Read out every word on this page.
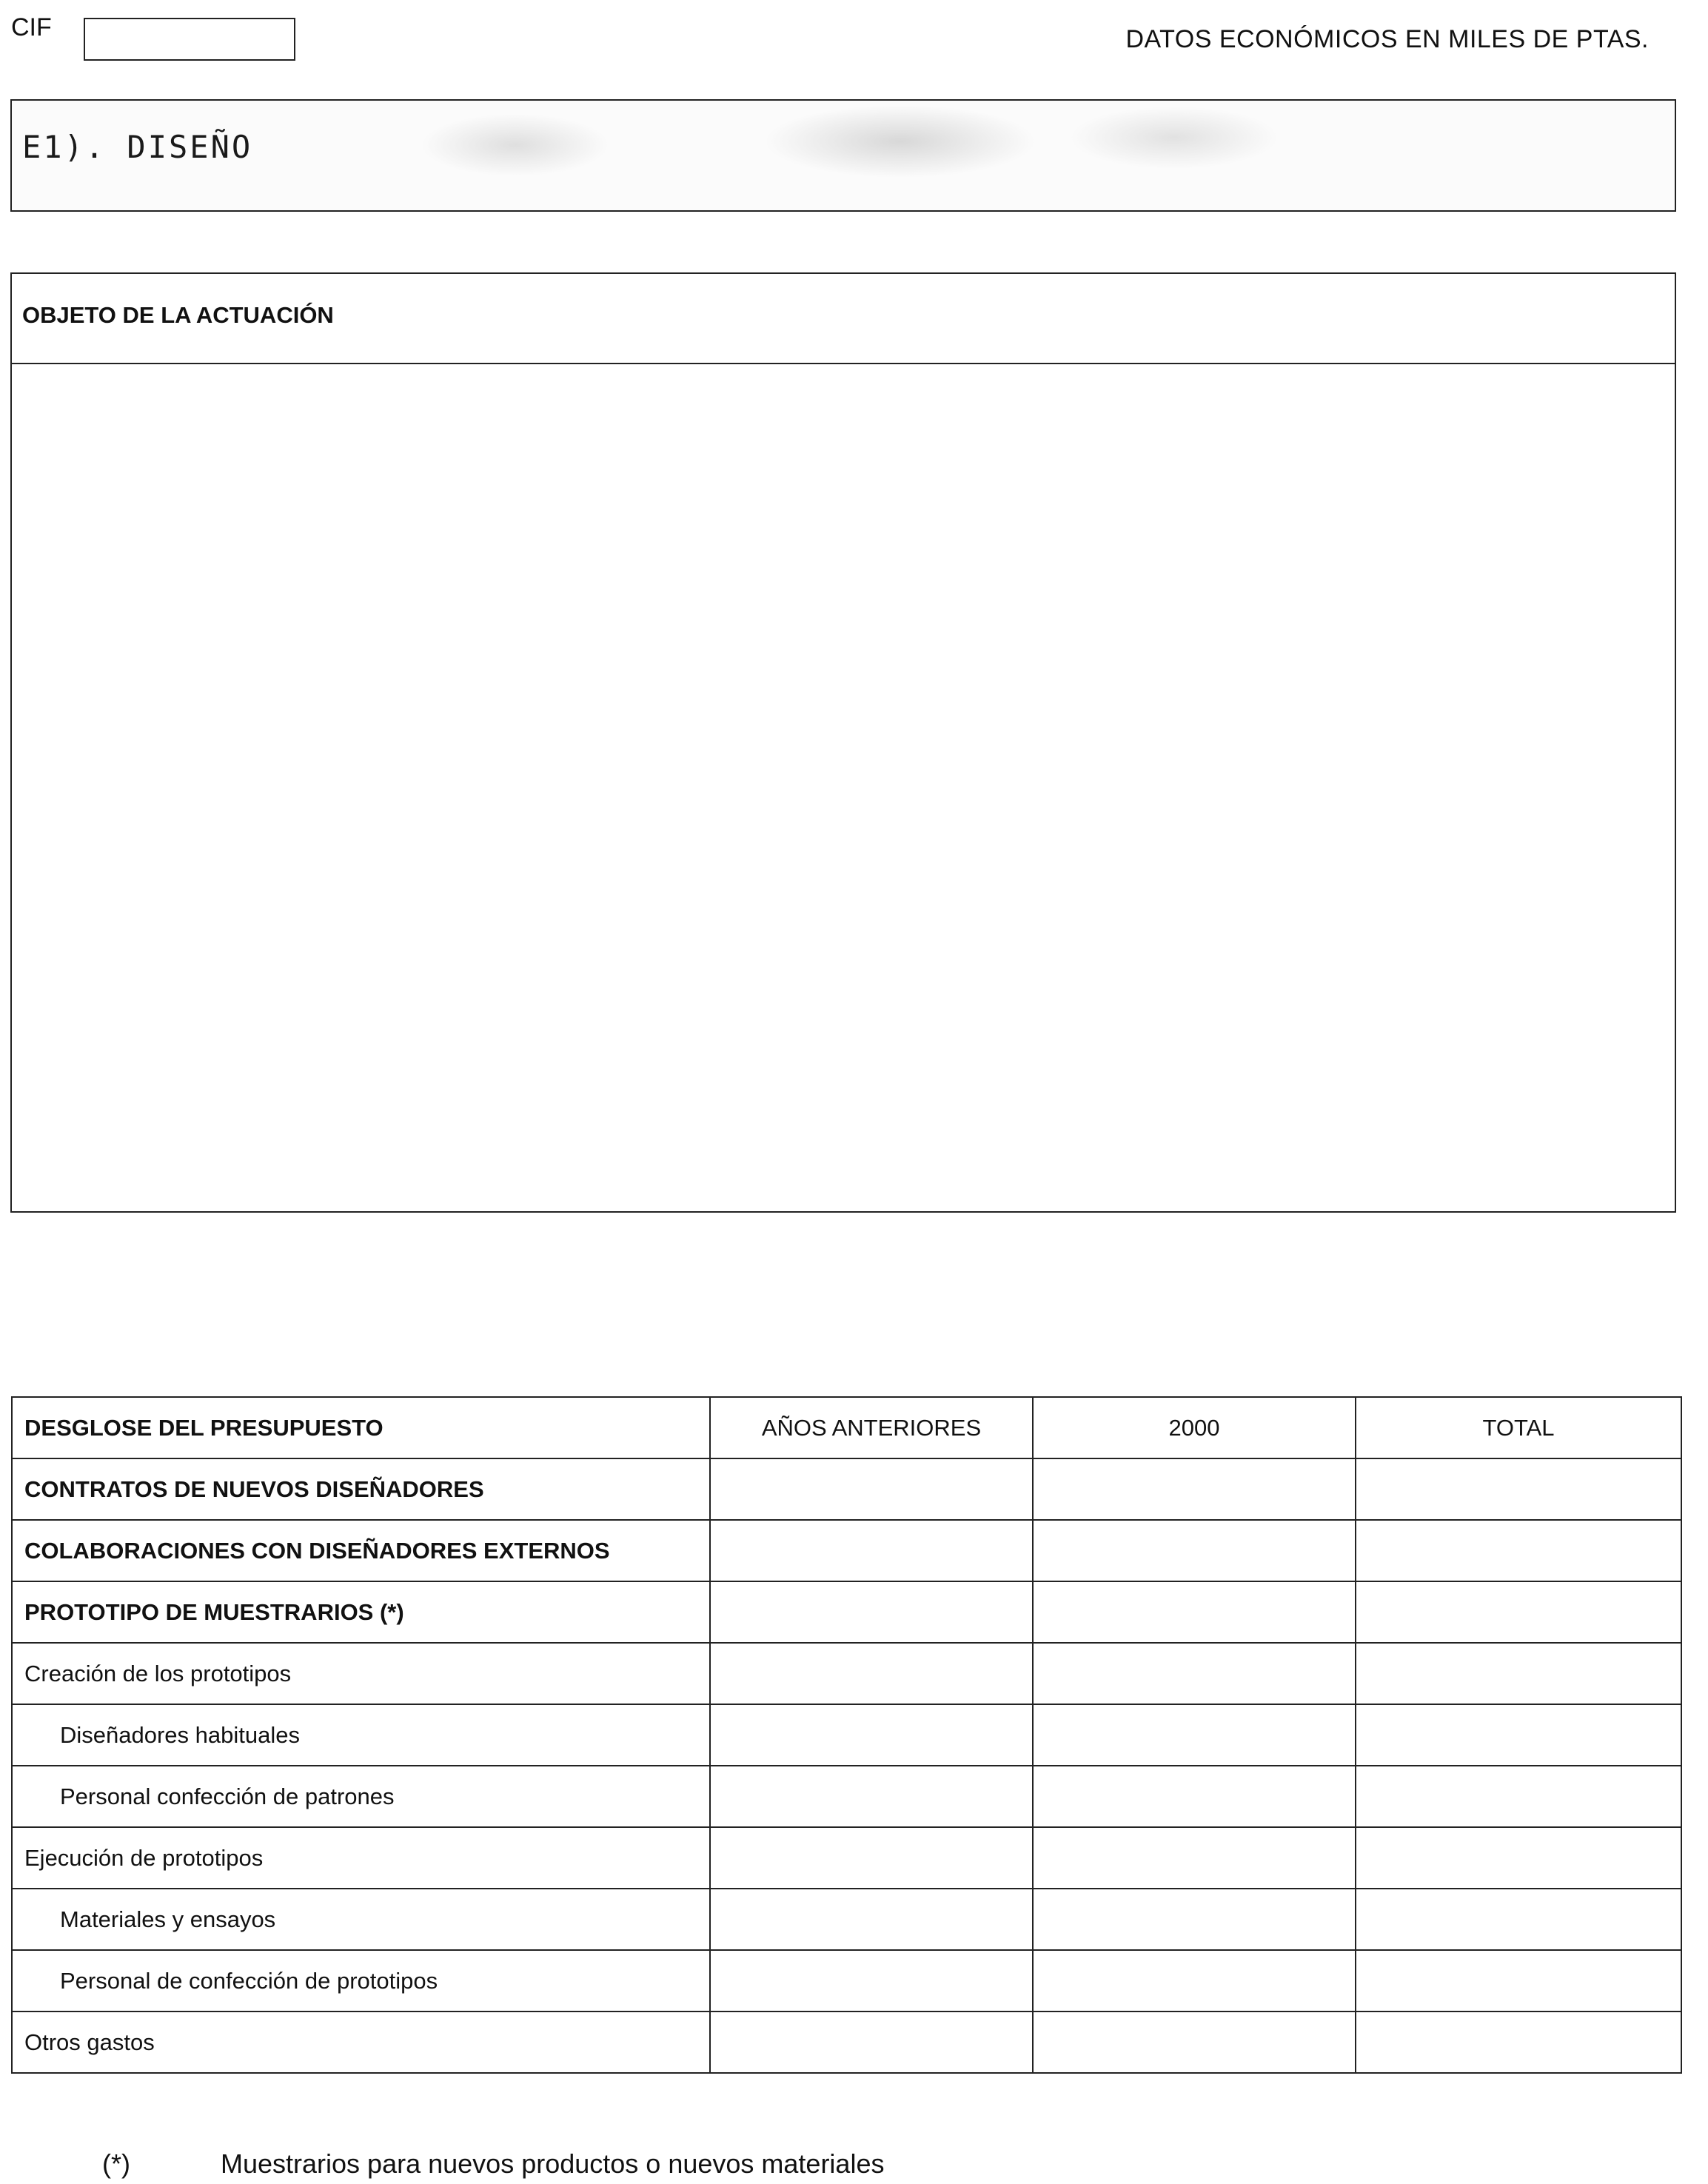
CIF	DATOS ECONÓMICOS EN MILES DE PTAS.
E1). DISEÑO
OBJETO DE LA ACTUACIÓN
DESGLOSE DEL PRESUPUESTO	AÑOS ANTERIORES	2000	TOTAL
CONTRATOS DE NUEVOS DISEÑADORES			
COLABORACIONES CON DISEÑADORES EXTERNOS			
PROTOTIPO DE MUESTRARIOS (*)			
Creación de los prototipos			
Diseñadores habituales			
Personal confección de patrones			
Ejecución de prototipos			
Materiales y ensayos			
Personal de confección de prototipos			
Otros gastos			
(*)	Muestrarios para nuevos productos o nuevos materiales
